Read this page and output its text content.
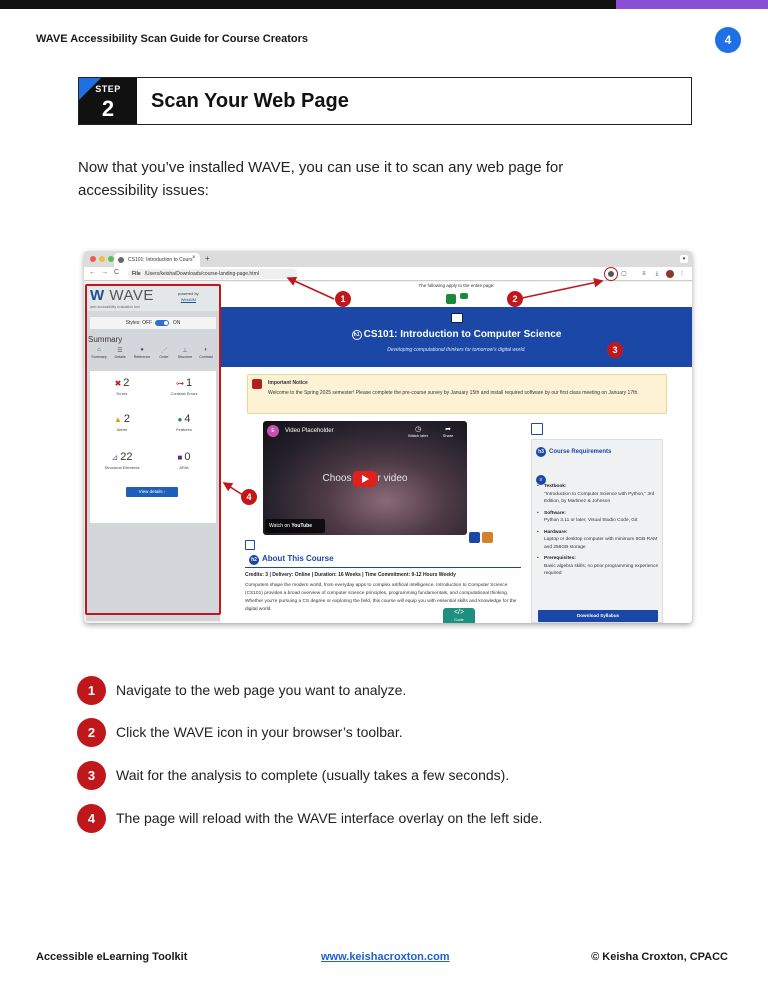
WAVE Accessibility Scan Guide for Course Creators	4
STEP
2	Scan Your Web Page

Now that you’ve installed WAVE, you can use it to scan any web page for accessibility issues:

CS101: Introduction to Cours × +	▾
← → C	File /Users/keisha/Downloads/course-landing-page.html	▢	≡	⤓	⋮
W WAVE
web accessibility evaluation tool
powered by
WebAIM
Styles: OFF	ON
Summary
⌂
Summary
☰
Details
●
Reference
⋰
Order
⊥
Structure
◐
Contrast
✖ 2
Errors
⊶ 1
Contrast Errors
▲ 2
Alerts
● 4
Features
⊿ 22
Structural Elements
■ 0
ARIA
View details ›
The following apply to the entire page:
h1 CS101: Introduction to Computer Science
Developing computational thinkers for tomorrow's digital world.
Important Notice
Welcome to the Spring 2025 semester! Please complete the pre-course survey by January 15th and install required software by our first class meeting on January 17th.
E	Video Placeholder	◷
Watch later
➦
Share
Choos	r video
Watch on YouTube
h2 About This Course
Credits: 3 | Delivery: Online | Duration: 16 Weeks | Time Commitment: 9-12 Hours Weekly
Computers shape the modern world, from everyday apps to complex artificial intelligence. Introduction to Computer Science (CS101) provides a broad overview of computer science principles, programming fundamentals, and computational thinking. Whether you're pursuing a CS degree or exploring the field, this course will equip you with essential skills and knowledge for the digital world.	</>
Code
h3 Course Requirements
≡
• Textbook:
"Introduction to Computer Science with Python," 3rd Edition, by Martinez & Johnson
• Software:
Python 3.11 or later, Visual Studio Code, Git
• Hardware:
Laptop or desktop computer with minimum 8GB RAM and 256GB storage
• Prerequisites:
Basic algebra skills; no prior programming experience required
Download Syllabus
1	2
3
4
1	Navigate to the web page you want to analyze.
2	Click the WAVE icon in your browser’s toolbar.
3	Wait for the analysis to complete (usually takes a few seconds).
4	The page will reload with the WAVE interface overlay on the left side.
Accessible eLearning Toolkit	www.keishacroxton.com	© Keisha Croxton, CPACC
